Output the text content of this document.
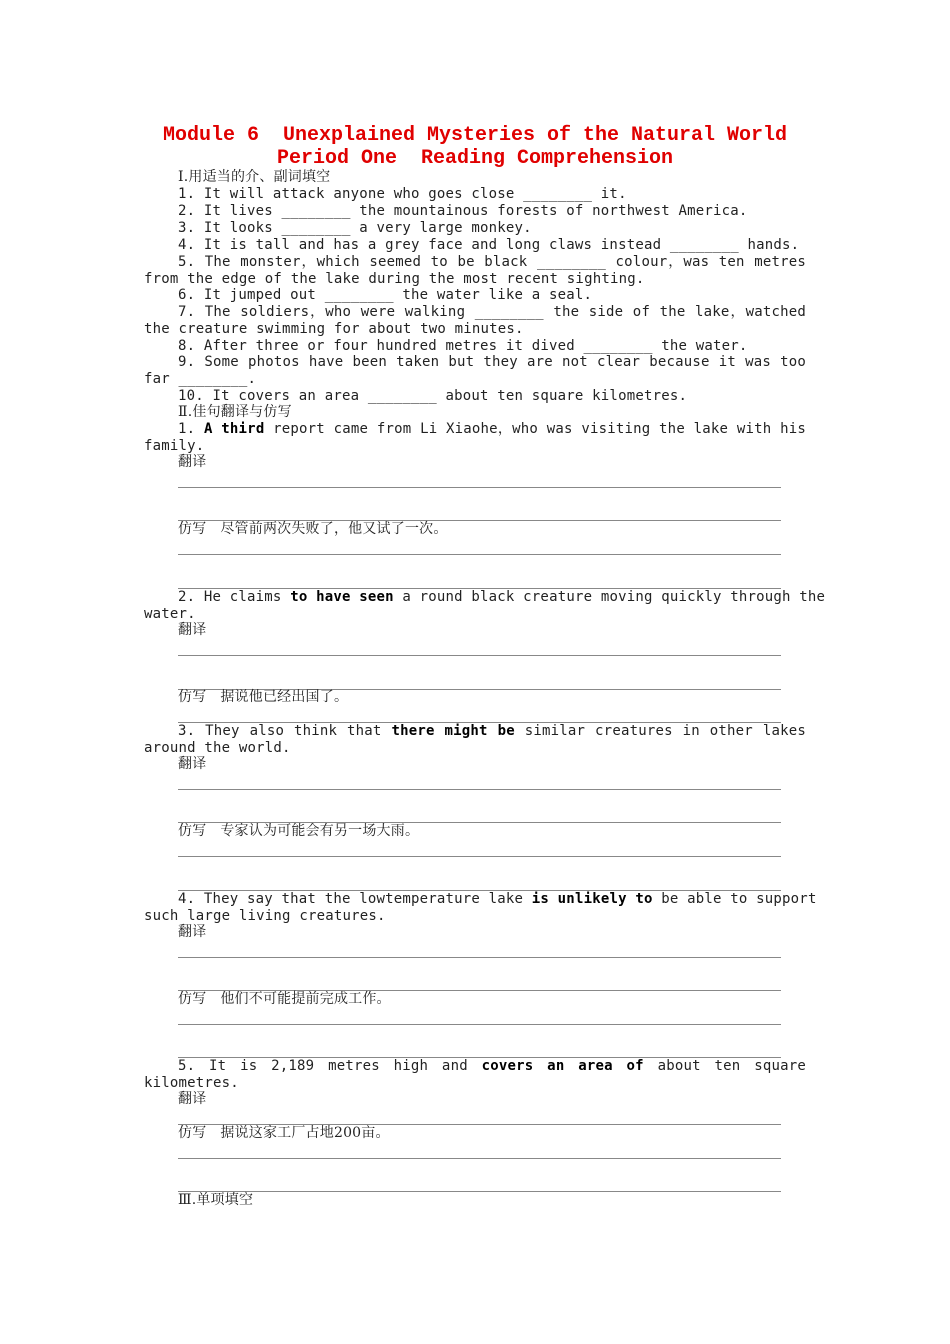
Module 6  Unexplained Mysteries of the Natural World
Period One  Reading Comprehension
Ⅰ.用适当的介、副词填空
1. It will attack anyone who goes close ________ it.
2. It lives ________ the mountainous forests of northwest America.
3. It looks ________ a very large monkey.
4. It is tall and has a grey face and long claws instead ________ hands.
5. The monster，which seemed to be black ________ colour，was ten metres
from the edge of the lake during the most recent sighting.
6. It jumped out ________ the water like a seal.
7. The soldiers，who were walking ________ the side of the lake，watched
the creature swimming for about two minutes.
8. After three or four hundred metres it dived ________ the water.
9. Some photos have been taken but they are not clear because it was too
far ________.
10. It covers an area ________ about ten square kilometres.
Ⅱ.佳句翻译与仿写
1. A third report came from Li Xiaohe，who was visiting the lake with his
family.
翻译
仿写 尽管前两次失败了，他又试了一次。
2. He claims to have seen a round black creature moving quickly through the
water.
翻译
仿写 据说他已经出国了。
3. They also think that there might be similar creatures in other lakes
around the world.
翻译
仿写 专家认为可能会有另一场大雨。
4. They say that the lowtemperature lake is unlikely to be able to support
such large living creatures.
翻译
仿写 他们不可能提前完成工作。
5. It is 2,189 metres high and covers an area of about ten square
kilometres.
翻译
仿写 据说这家工厂占地200亩。
Ⅲ.单项填空
